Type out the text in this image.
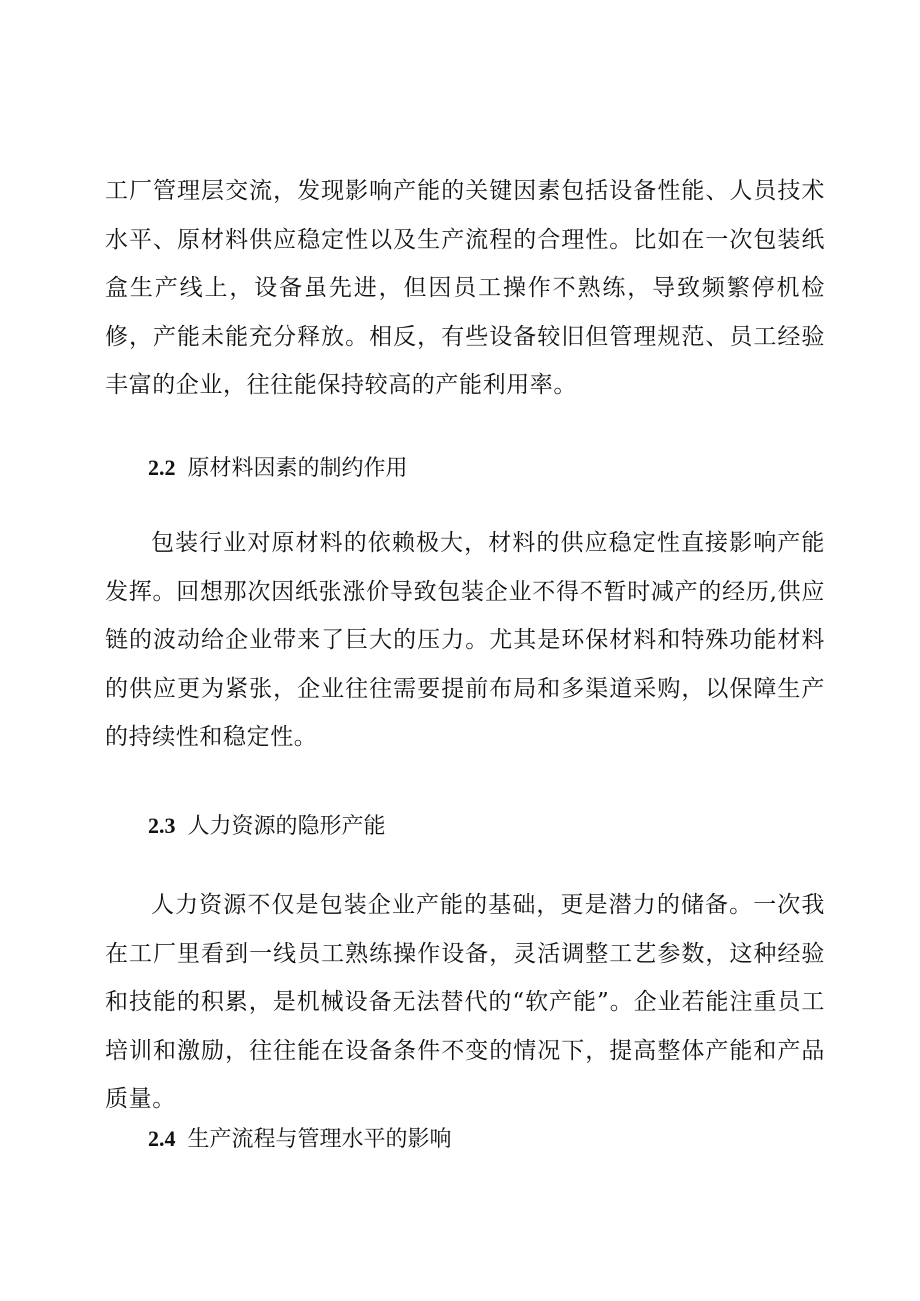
工厂管理层交流，发现影响产能的关键因素包括设备性能、人员技术水平、原材料供应稳定性以及生产流程的合理性。比如在一次包装纸盒生产线上，设备虽先进，但因员工操作不熟练，导致频繁停机检修，产能未能充分释放。相反，有些设备较旧但管理规范、员工经验丰富的企业，往往能保持较高的产能利用率。

2.2 原材料因素的制约作用

包装行业对原材料的依赖极大，材料的供应稳定性直接影响产能发挥。回想那次因纸张涨价导致包装企业不得不暂时减产的经历,供应链的波动给企业带来了巨大的压力。尤其是环保材料和特殊功能材料的供应更为紧张，企业往往需要提前布局和多渠道采购，以保障生产的持续性和稳定性。

2.3 人力资源的隐形产能

人力资源不仅是包装企业产能的基础，更是潜力的储备。一次我在工厂里看到一线员工熟练操作设备，灵活调整工艺参数，这种经验和技能的积累，是机械设备无法替代的“软产能”。企业若能注重员工培训和激励，往往能在设备条件不变的情况下，提高整体产能和产品质量。

2.4 生产流程与管理水平的影响
